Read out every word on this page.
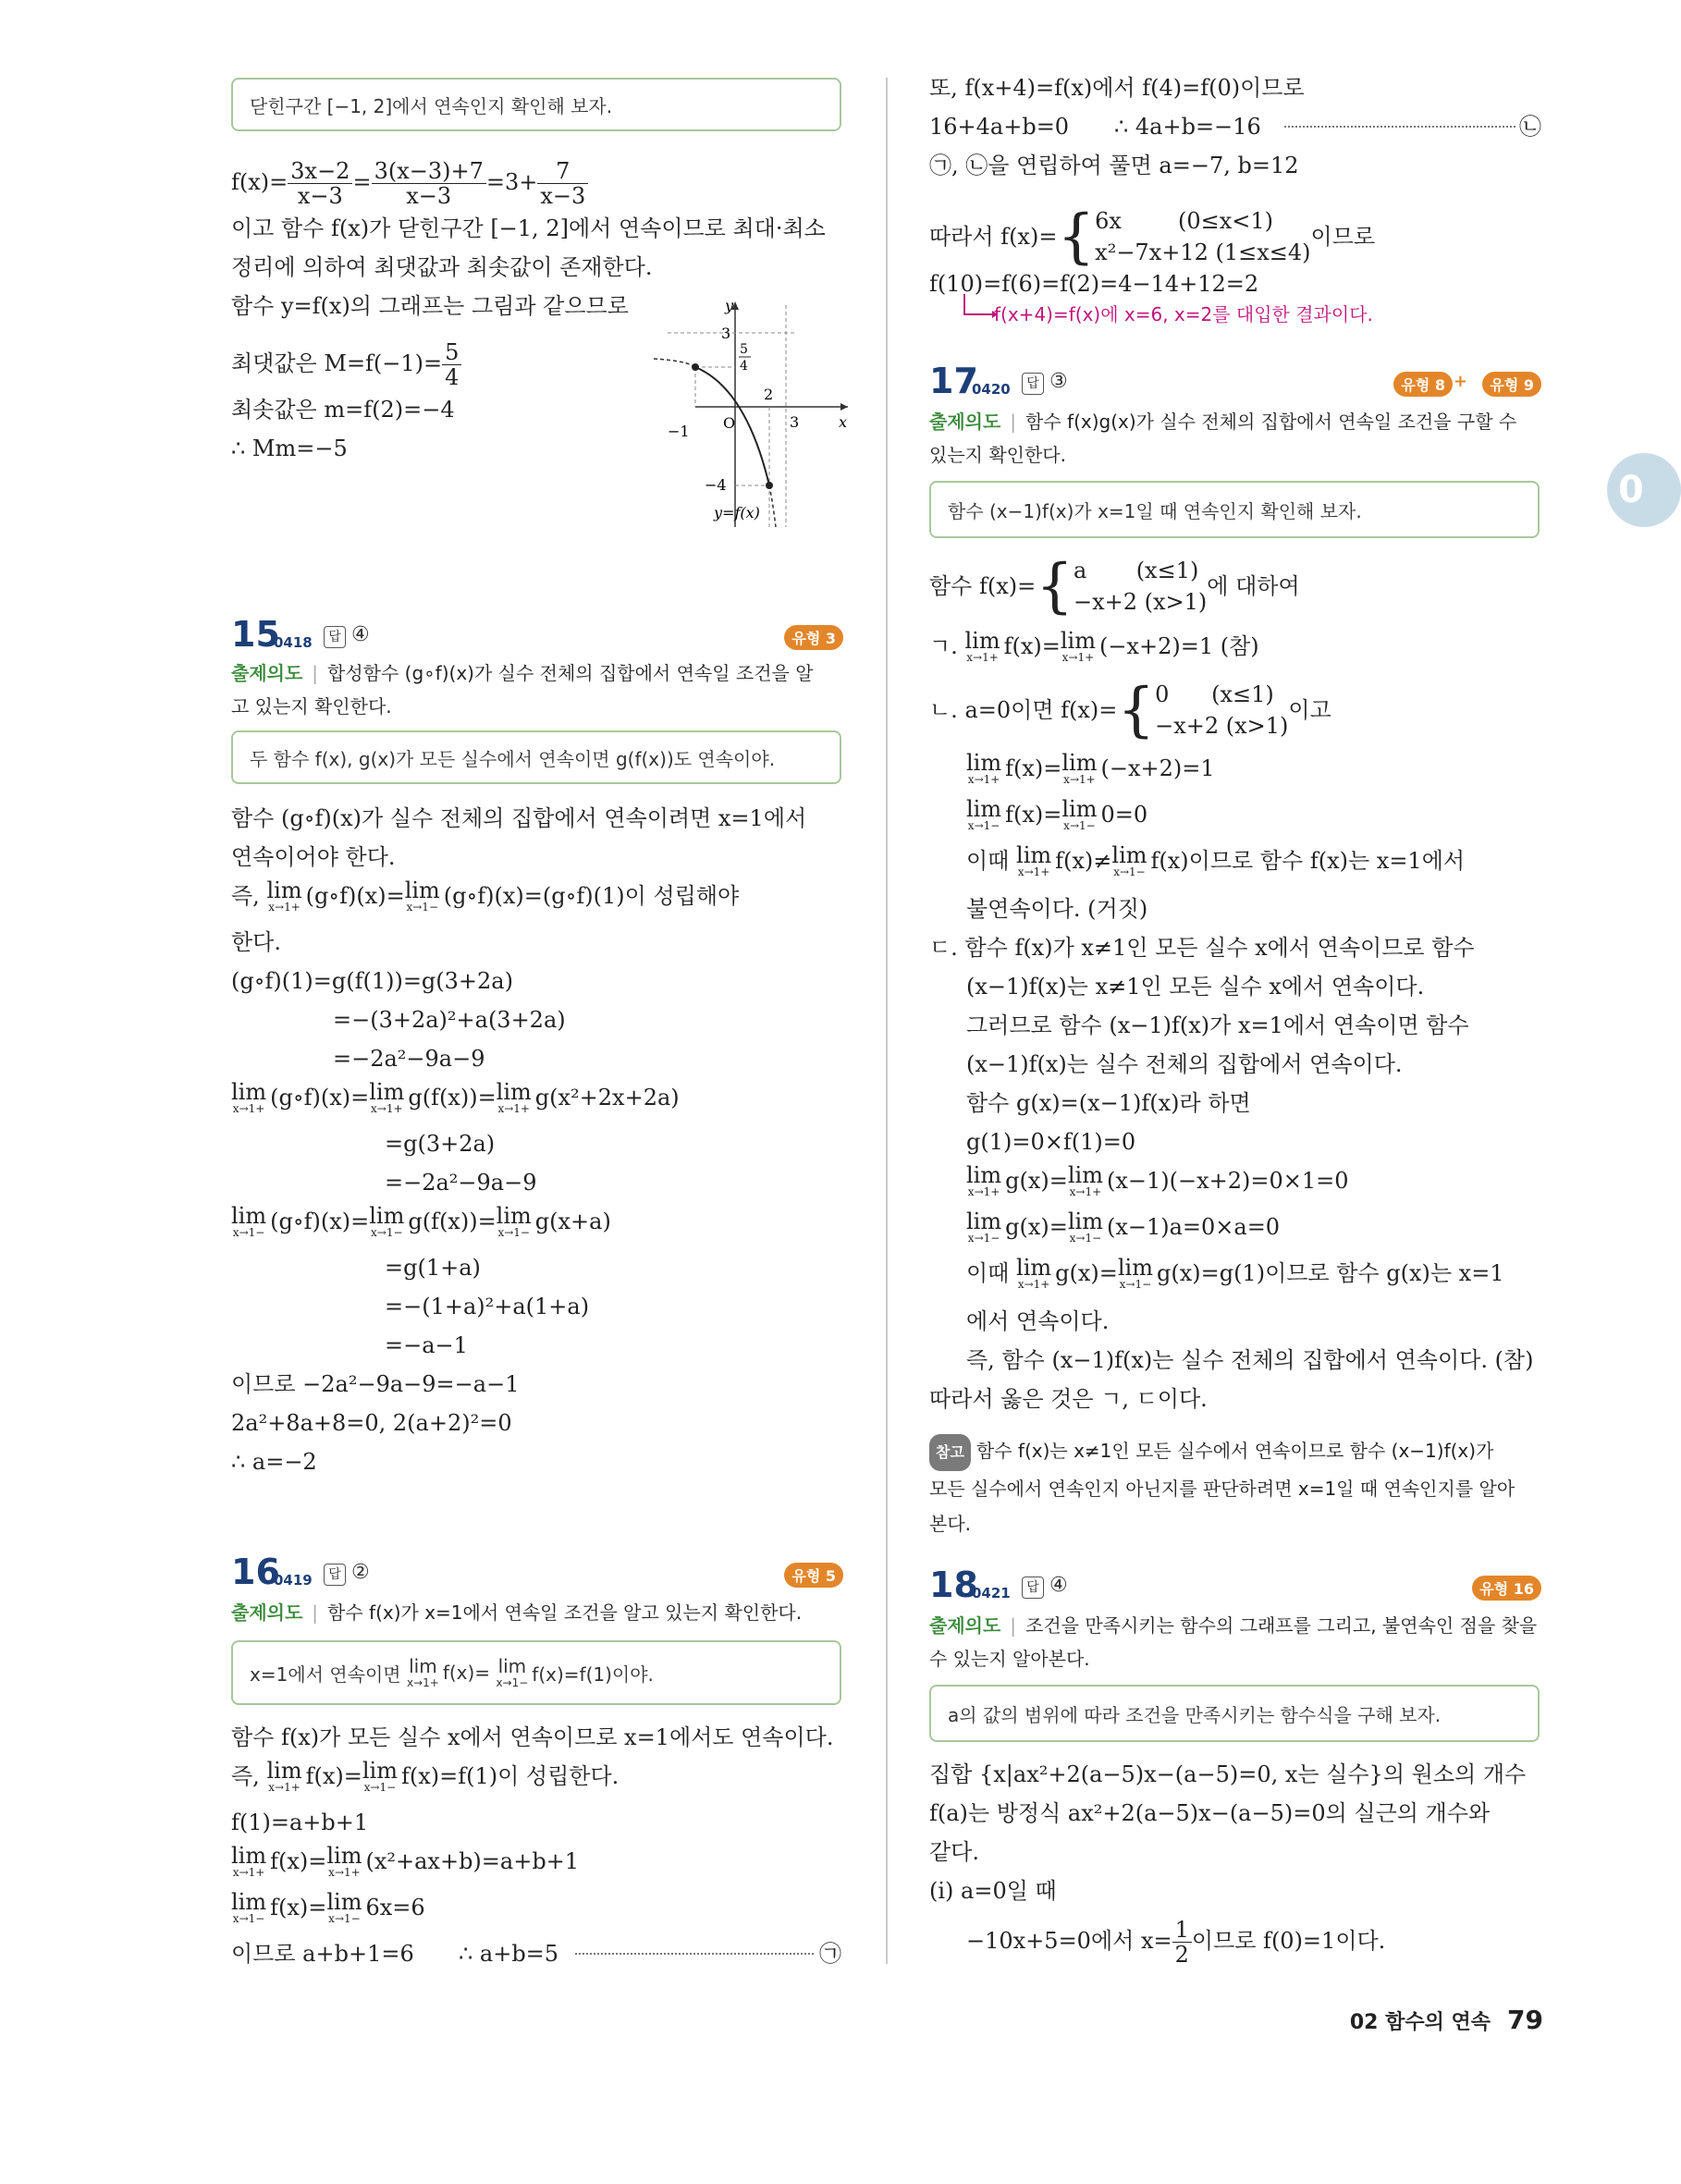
0
닫힌구간 [−1, 2]에서 연속인지 확인해 보자.
$f(x)= \frac{3x-2}{x-3} = \frac{3(x-3)+7}{x-3} =3+ \frac{7}{x-3}$
이고 함수 f(x)가 닫힌구간 [−1, 2]에서 연속이므로 최대·최소
정리에 의하여 최댓값과 최솟값이 존재한다.
함수 y=f(x)의 그래프는 그림과 같으므로
최댓값은 $M=f(-1)= \frac{5}{4}$
최솟값은 m=f(2)=−4
∴ Mm=−5
y
x
O
3
5
4
2
3
−1
−4
y=f(x)
15
0418	답 ④	유형 3
출제의도 | 합성함수 (g∘f)(x)가 실수 전체의 집합에서 연속일 조건을 알
고 있는지 확인한다.
두 함수 f(x), g(x)가 모든 실수에서 연속이면 g(f(x))도 연속이야.
함수 (g∘f)(x)가 실수 전체의 집합에서 연속이려면 x=1에서
연속이어야 한다.
즉, lim
x→1+ (g∘f)(x)=lim
x→1− (g∘f)(x)=(g∘f)(1)이 성립해야
한다.
(g∘f)(1)=g(f(1))=g(3+2a)
=−(3+2a)²+a(3+2a)
=−2a²−9a−9
lim
x→1+ (g∘f)(x)=lim
x→1+ g(f(x))=lim
x→1+ g(x²+2x+2a)
=g(3+2a)
=−2a²−9a−9
lim
x→1− (g∘f)(x)=lim
x→1− g(f(x))=lim
x→1− g(x+a)
=g(1+a)
=−(1+a)²+a(1+a)
=−a−1
이므로 −2a²−9a−9=−a−1
2a²+8a+8=0, 2(a+2)²=0
∴ a=−2
16
0419	답 ②	유형 5
출제의도 | 함수 f(x)가 x=1에서 연속일 조건을 알고 있는지 확인한다.
x=1에서 연속이면
lim
x→1+ f(x)=
lim
x→1− f(x)=f(1)이야.
함수 f(x)가 모든 실수 x에서 연속이므로 x=1에서도 연속이다.
즉, lim
x→1+ f(x)=lim
x→1− f(x)=f(1)이 성립한다.
f(1)=a+b+1
lim
x→1+ f(x)=lim
x→1+ (x²+ax+b)=a+b+1
lim
x→1− f(x)=lim
x→1− 6x=6
이므로 a+b+1=6 ∴ a+b=5	㉠
또, f(x+4)=f(x)에서 f(4)=f(0)이므로
16+4a+b=0 ∴ 4a+b=−16	㉡
㉠, ㉡을 연립하여 풀면 a=−7, b=12
따라서 f(x)={ 6x        (0≤x<1)
x²−7x+12 (1≤x≤4)
이므로
f(10)=f(6)=f(2)=4−14+12=2
f(x+4)=f(x)에 x=6, x=2를 대입한 결과이다.
17
0420	답 ③	유형 8 +	유형 9
출제의도 | 함수 f(x)g(x)가 실수 전체의 집합에서 연속일 조건을 구할 수
있는지 확인한다.
함수 (x−1)f(x)가 x=1일 때 연속인지 확인해 보자.
함수 f(x)={ a       (x≤1)
−x+2 (x>1)
에 대하여
ㄱ. lim
x→1+ f(x)=lim
x→1+ (−x+2)=1 (참)
ㄴ. a=0이면 f(x)={ 0      (x≤1)
−x+2 (x>1)
이고
lim
x→1+ f(x)=lim
x→1+ (−x+2)=1
lim
x→1− f(x)=lim
x→1− 0=0
이때 lim
x→1+ f(x)≠lim
x→1− f(x)이므로 함수 f(x)는 x=1에서
불연속이다. (거짓)
ㄷ. 함수 f(x)가 x≠1인 모든 실수 x에서 연속이므로 함수
(x−1)f(x)는 x≠1인 모든 실수 x에서 연속이다.
그러므로 함수 (x−1)f(x)가 x=1에서 연속이면 함수
(x−1)f(x)는 실수 전체의 집합에서 연속이다.
함수 g(x)=(x−1)f(x)라 하면
g(1)=0×f(1)=0
lim
x→1+ g(x)=lim
x→1+ (x−1)(−x+2)=0×1=0
lim
x→1− g(x)=lim
x→1− (x−1)a=0×a=0
이때 lim
x→1+ g(x)=lim
x→1− g(x)=g(1)이므로 함수 g(x)는 x=1
에서 연속이다.
즉, 함수 (x−1)f(x)는 실수 전체의 집합에서 연속이다. (참)
따라서 옳은 것은 ㄱ, ㄷ이다.
참고 함수 f(x)는 x≠1인 모든 실수에서 연속이므로 함수 (x−1)f(x)가
모든 실수에서 연속인지 아닌지를 판단하려면 x=1일 때 연속인지를 알아
본다.
18
0421	답 ④	유형 16
출제의도 | 조건을 만족시키는 함수의 그래프를 그리고, 불연속인 점을 찾을
수 있는지 알아본다.
a의 값의 범위에 따라 조건을 만족시키는 함수식을 구해 보자.
집합 {x|ax²+2(a−5)x−(a−5)=0, x는 실수}의 원소의 개수
f(a)는 방정식 ax²+2(a−5)x−(a−5)=0의 실근의 개수와
같다.
(i) a=0일 때
−10x+5=0에서 $x= \frac{1}{2}$ 이므로 f(0)=1이다.
02 함수의 연속 79
